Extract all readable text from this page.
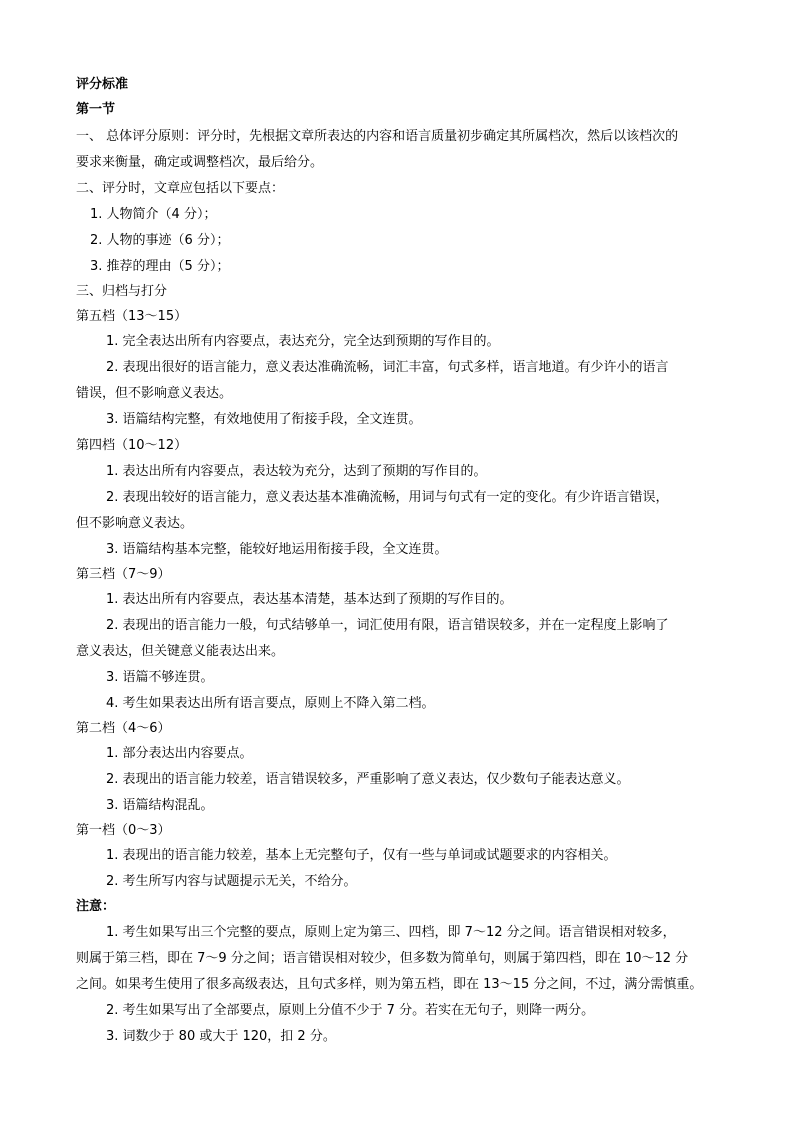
评分标准

第一节

一、 总体评分原则：评分时，先根据文章所表达的内容和语言质量初步确定其所属档次，然后以该档次的

要求来衡量，确定或调整档次，最后给分。

二、评分时，文章应包括以下要点：

1. 人物简介（4 分）；

2. 人物的事迹（6 分）；

3. 推荐的理由（5 分）；

三、归档与打分

第五档（13～15）

1. 完全表达出所有内容要点，表达充分，完全达到预期的写作目的。

2. 表现出很好的语言能力，意义表达准确流畅，词汇丰富，句式多样，语言地道。有少许小的语言

错误，但不影响意义表达。

3. 语篇结构完整，有效地使用了衔接手段，全文连贯。

第四档（10～12）

1. 表达出所有内容要点，表达较为充分，达到了预期的写作目的。

2. 表现出较好的语言能力，意义表达基本准确流畅，用词与句式有一定的变化。有少许语言错误，

但不影响意义表达。

3. 语篇结构基本完整，能较好地运用衔接手段，全文连贯。

第三档（7～9）

1. 表达出所有内容要点，表达基本清楚，基本达到了预期的写作目的。

2. 表现出的语言能力一般，句式结够单一，词汇使用有限，语言错误较多，并在一定程度上影响了

意义表达，但关键意义能表达出来。

3. 语篇不够连贯。

4. 考生如果表达出所有语言要点，原则上不降入第二档。

第二档（4～6）

1. 部分表达出内容要点。

2. 表现出的语言能力较差，语言错误较多，严重影响了意义表达，仅少数句子能表达意义。

3. 语篇结构混乱。

第一档（0～3）

1. 表现出的语言能力较差，基本上无完整句子，仅有一些与单词或试题要求的内容相关。

2. 考生所写内容与试题提示无关，不给分。

注意：

1. 考生如果写出三个完整的要点，原则上定为第三、四档，即 7～12 分之间。语言错误相对较多，

则属于第三档，即在 7～9 分之间；语言错误相对较少，但多数为简单句，则属于第四档，即在 10～12 分

之间。如果考生使用了很多高级表达，且句式多样，则为第五档，即在 13～15 分之间，不过，满分需慎重。

2. 考生如果写出了全部要点，原则上分值不少于 7 分。若实在无句子，则降一两分。

3. 词数少于 80 或大于 120，扣 2 分。
